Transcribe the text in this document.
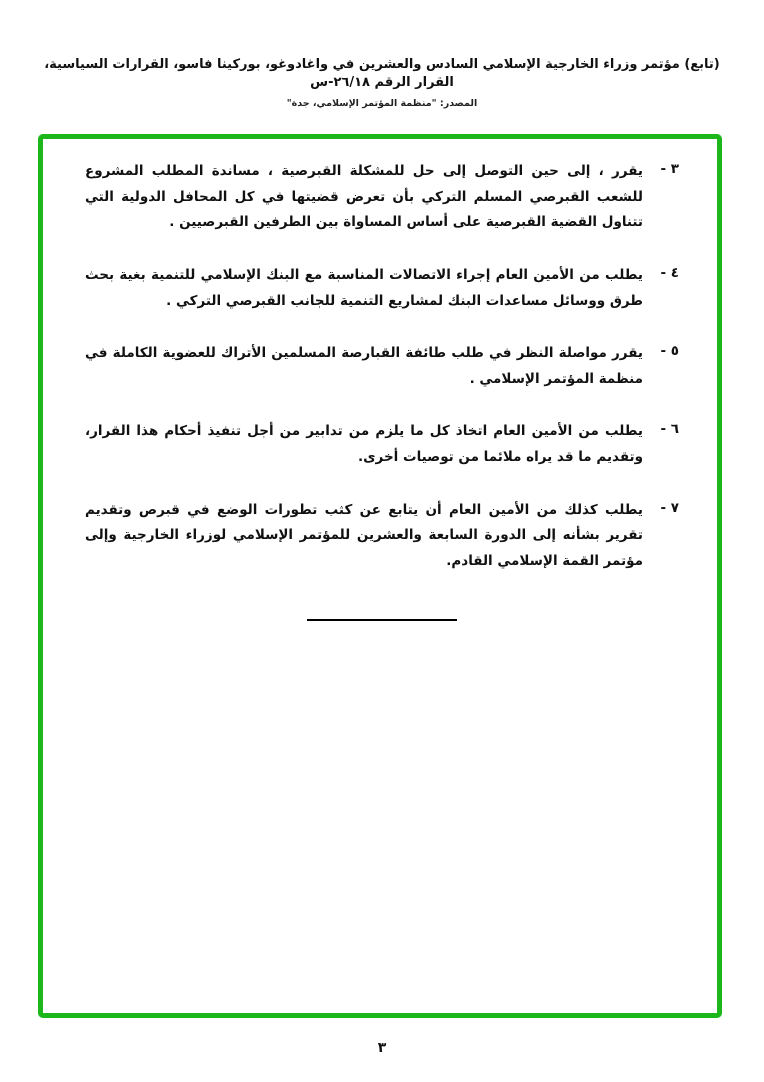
(تابع) مؤتمر وزراء الخارجية الإسلامي السادس والعشرين في واغادوغو، بوركينا فاسو، القرارات السياسية، القرار الرقم ٢٦/١٨-س
المصدر: "منظمة المؤتمر الإسلامي، جدة"
٣ -
يقرر ، إلى حين التوصل إلى حل للمشكلة القبرصية ، مساندة المطلب المشروع للشعب القبرصي المسلم التركي بأن تعرض قضيتها في كل المحافل الدولية التي تتناول القضية القبرصية على أساس المساواة بين الطرفين القبرصيين .
٤ -
يطلب من الأمين العام إجراء الاتصالات المناسبة مع البنك الإسلامي للتنمية بغية بحث طرق ووسائل مساعدات البنك لمشاريع التنمية للجانب القبرصي التركي .
٥ -
يقرر مواصلة النظر في طلب طائفة القبارصة المسلمين الأتراك للعضوية الكاملة في منظمة المؤتمر الإسلامي .
٦ -
يطلب من الأمين العام اتخاذ كل ما يلزم من تدابير من أجل تنفيذ أحكام هذا القرار، وتقديم ما قد يراه ملائما من توصيات أخرى.
٧ -
يطلب كذلك من الأمين العام أن يتابع عن كثب تطورات الوضع في قبرص وتقديم تقرير بشأنه إلى الدورة السابعة والعشرين للمؤتمر الإسلامي لوزراء الخارجية وإلى مؤتمر القمة الإسلامي القادم.
٣
